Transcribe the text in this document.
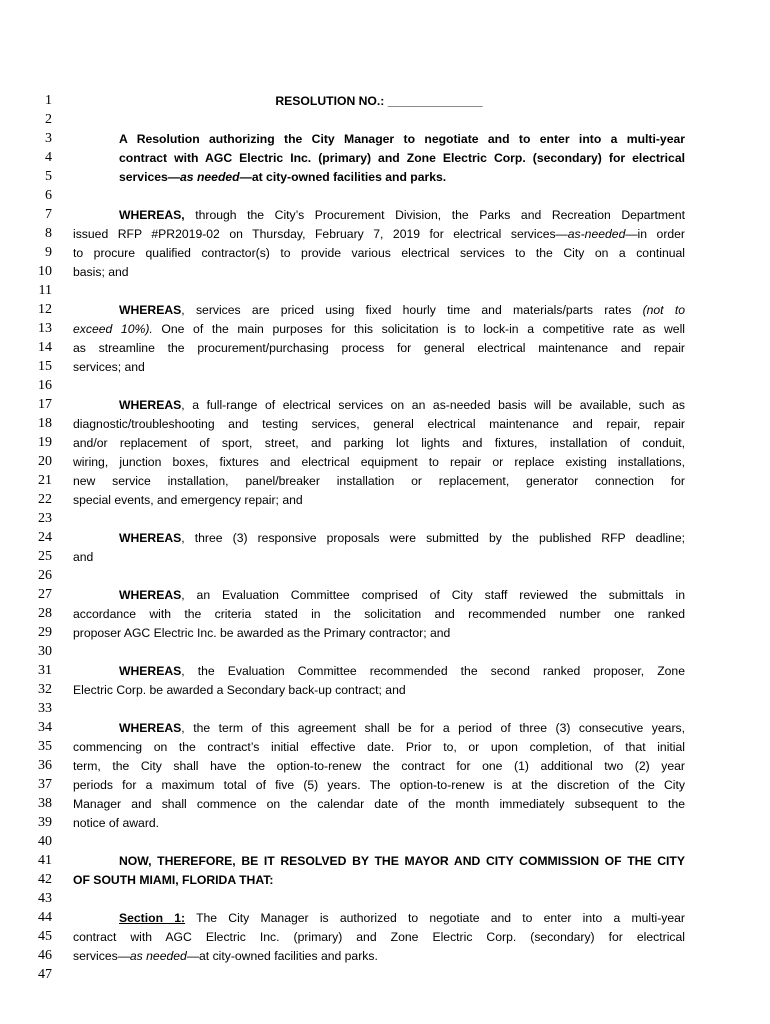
1
2
3
4
5
6
7
8
9
10
11
12
13
14
15
16
17
18
19
20
21
22
23
24
25
26
27
28
29
30
31
32
33
34
35
36
37
38
39
40
41
42
43
44
45
46
47
RESOLUTION NO.: ______________
A Resolution authorizing the City Manager to negotiate and to enter into a multi-year
contract with AGC Electric Inc. (primary) and Zone Electric Corp. (secondary) for electrical
services—as needed—at city-owned facilities and parks.
WHEREAS, through the City’s Procurement Division, the Parks and Recreation Department
issued RFP #PR2019-02 on Thursday, February 7, 2019 for electrical services—as-needed—in order
to procure qualified contractor(s) to provide various electrical services to the City on a continual
basis; and
WHEREAS, services are priced using fixed hourly time and materials/parts rates (not to
exceed 10%). One of the main purposes for this solicitation is to lock-in a competitive rate as well
as streamline the procurement/purchasing process for general electrical maintenance and repair
services; and
WHEREAS, a full-range of electrical services on an as-needed basis will be available, such as
diagnostic/troubleshooting and testing services, general electrical maintenance and repair, repair
and/or replacement of sport, street, and parking lot lights and fixtures, installation of conduit,
wiring, junction boxes, fixtures and electrical equipment to repair or replace existing installations,
new service installation, panel/breaker installation or replacement, generator connection for
special events, and emergency repair; and
WHEREAS, three (3) responsive proposals were submitted by the published RFP deadline;
and
WHEREAS, an Evaluation Committee comprised of City staff reviewed the submittals in
accordance with the criteria stated in the solicitation and recommended number one ranked
proposer AGC Electric Inc. be awarded as the Primary contractor; and
WHEREAS, the Evaluation Committee recommended the second ranked proposer, Zone
Electric Corp. be awarded a Secondary back-up contract; and
WHEREAS, the term of this agreement shall be for a period of three (3) consecutive years,
commencing on the contract’s initial effective date. Prior to, or upon completion, of that initial
term, the City shall have the option-to-renew the contract for one (1) additional two (2) year
periods for a maximum total of five (5) years. The option-to-renew is at the discretion of the City
Manager and shall commence on the calendar date of the month immediately subsequent to the
notice of award.
NOW, THEREFORE, BE IT RESOLVED BY THE MAYOR AND CITY COMMISSION OF THE CITY
OF SOUTH MIAMI, FLORIDA THAT:
Section 1: The City Manager is authorized to negotiate and to enter into a multi-year
contract with AGC Electric Inc. (primary) and Zone Electric Corp. (secondary) for electrical
services—as needed—at city-owned facilities and parks.
